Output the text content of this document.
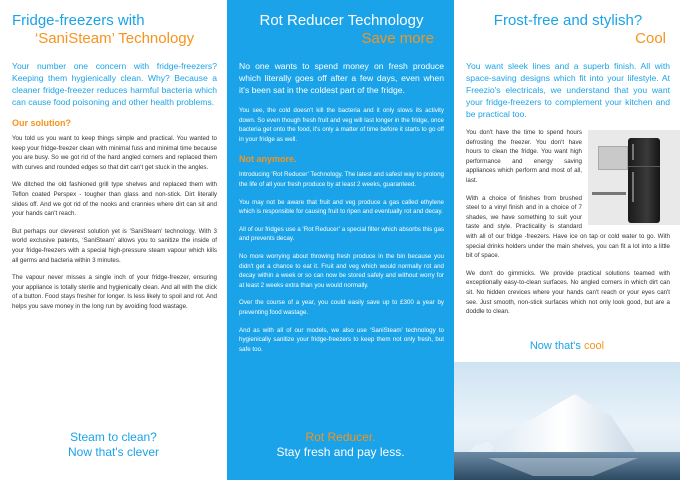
Fridge-freezers with
‘SaniSteam’ Technology

Your number one concern with fridge-freezers? Keeping them hygienically clean. Why? Because a cleaner fridge-freezer reduces harmful bacteria which can cause food poisoning and other health problems.

Our solution?

You told us you want to keep things simple and practical. You wanted to keep your fridge-freezer clean with minimal fuss and minimal time because you are busy. So we got rid of the hard angled corners and replaced them with curves and rounded edges so that dirt can't get stuck in the angles.

We ditched the old fashioned grill type shelves and replaced them with Teflon coated Perspex - tougher than glass and non-stick. Dirt literally slides off. And we got rid of the nooks and crannies where dirt can sit and your hands can't reach.

But perhaps our cleverest solution yet is ‘SaniSteam’ technology. With 3 world exclusive patents, ‘SaniSteam’ allows you to sanitize the inside of your fridge-freezers with a special high-pressure steam vapour which kills all germs and bacteria within 3 minutes.

The vapour never misses a single inch of your fridge-freezer, ensuring your appliance is totally sterile and hygienically clean. And all with the click of a button. Food stays fresher for longer. Is less likely to spoil and rot. And helps you save money in the long run by avoiding food wastage.

Steam to clean?
Now that's clever
Rot Reducer Technology
Save more

No one wants to spend money on fresh produce which literally goes off after a few days, even when it's been sat in the coldest part of the fridge.

You see, the cold doesn't kill the bacteria and it only slows its activity down. So even though fresh fruit and veg will last longer in the fridge, once bacteria get onto the food, it's only a matter of time before it starts to go off in your fridge as well.

Not anymore.

Introducing ‘Rot Reducer’ Technology. The latest and safest way to prolong the life of all your fresh produce by at least 2 weeks, guaranteed.

You may not be aware that fruit and veg produce a gas called ethylene which is responsible for causing fruit to ripen and eventually rot and decay.

All of our fridges use a ‘Rot Reducer’ a special filter which absorbs this gas and prevents decay.

No more worrying about throwing fresh produce in the bin because you didn't get a chance to eat it. Fruit and veg which would normally rot and decay within a week or so can now be stored safely and without worry for at least 2 weeks extra than you would normally.

Over the course of a year, you could easily save up to £300 a year by preventing food wastage.

And as with all of our models, we also use ‘SaniSteam’ technology to hygienically sanitize your fridge-freezers to keep them not only fresh, but safe too.

Rot Reducer.
Stay fresh and pay less.
Frost-free and stylish?
Cool

You want sleek lines and a superb finish. All with space-saving designs which fit into your lifestyle. At Freezio's electricals, we understand that you want your fridge-freezers to complement your kitchen and be practical too.

You don't have the time to spend hours defrosting the freezer. You don't have hours to clean the fridge. You want high performance and energy saving appliances which perform and most of all, last.

With a choice of finishes from brushed steel to a vinyl finish and in a choice of 7 shades, we have something to suit your taste and style. Practicality is standard with all of our fridge -freezers. Have ice on tap or cold water to go. With special drinks holders under the main shelves, you can fit a lot into a little bit of space.

We don't do gimmicks. We provide practical solutions teamed with exceptionally easy-to-clean surfaces. No angled corners in which dirt can sit. No hidden crevices where your hands can't reach or your eyes can't see. Just smooth, non-stick surfaces which not only look good, but are a doddle to clean.

Now that's cool
